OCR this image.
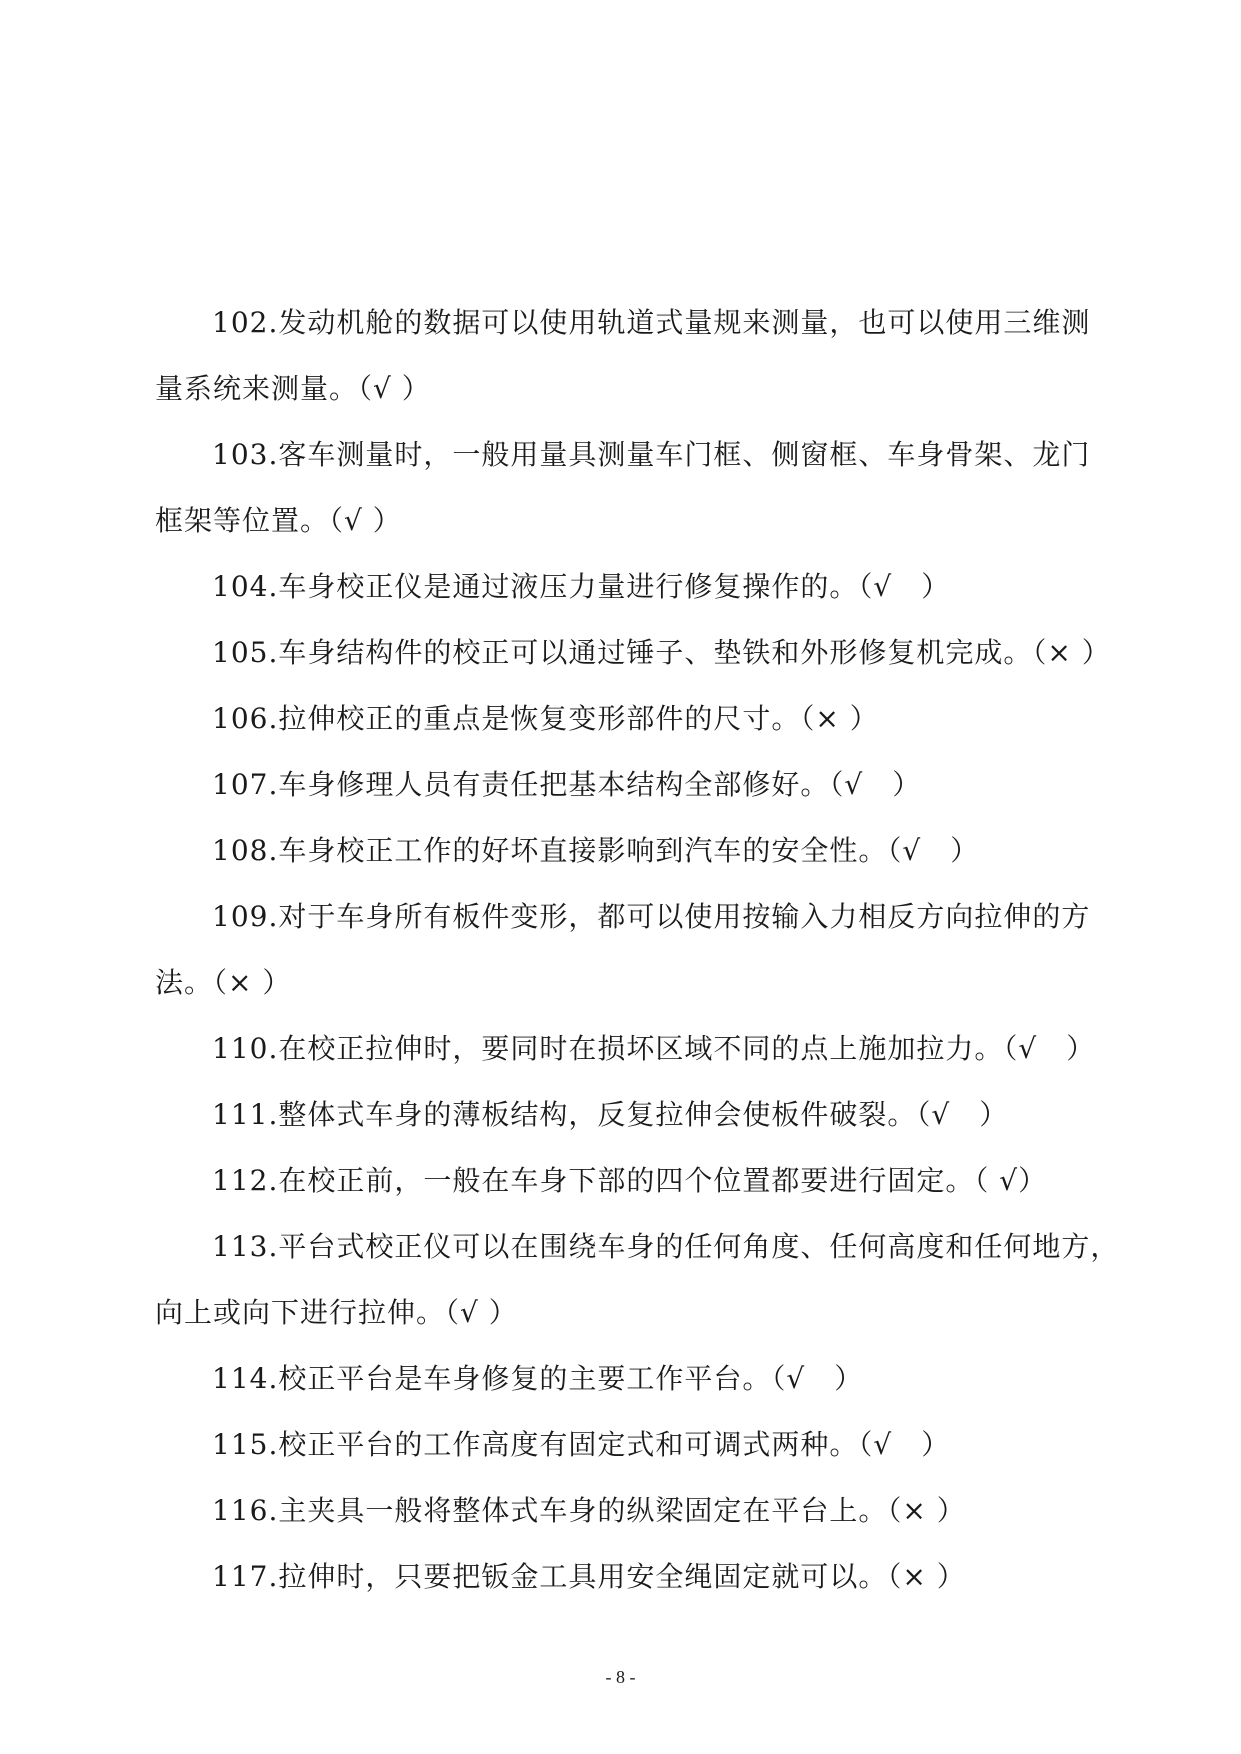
102.发动机舱的数据可以使用轨道式量规来测量，也可以使用三维测
量系统来测量。（√ ）
103.客车测量时，一般用量具测量车门框、侧窗框、车身骨架、龙门
框架等位置。（√ ）
104.车身校正仪是通过液压力量进行修复操作的。（√　）
105.车身结构件的校正可以通过锤子、垫铁和外形修复机完成。（× ）
106.拉伸校正的重点是恢复变形部件的尺寸。（× ）
107.车身修理人员有责任把基本结构全部修好。（√　）
108.车身校正工作的好坏直接影响到汽车的安全性。（√　）
109.对于车身所有板件变形，都可以使用按输入力相反方向拉伸的方
法。（× ）
110.在校正拉伸时，要同时在损坏区域不同的点上施加拉力。（√　）
111.整体式车身的薄板结构，反复拉伸会使板件破裂。（√　）
112.在校正前，一般在车身下部的四个位置都要进行固定。（ √）
113.平台式校正仪可以在围绕车身的任何角度、任何高度和任何地方，
向上或向下进行拉伸。（√ ）
114.校正平台是车身修复的主要工作平台。（√　）
115.校正平台的工作高度有固定式和可调式两种。（√　）
116.主夹具一般将整体式车身的纵梁固定在平台上。（× ）
117.拉伸时，只要把钣金工具用安全绳固定就可以。（× ）
- 8 -
